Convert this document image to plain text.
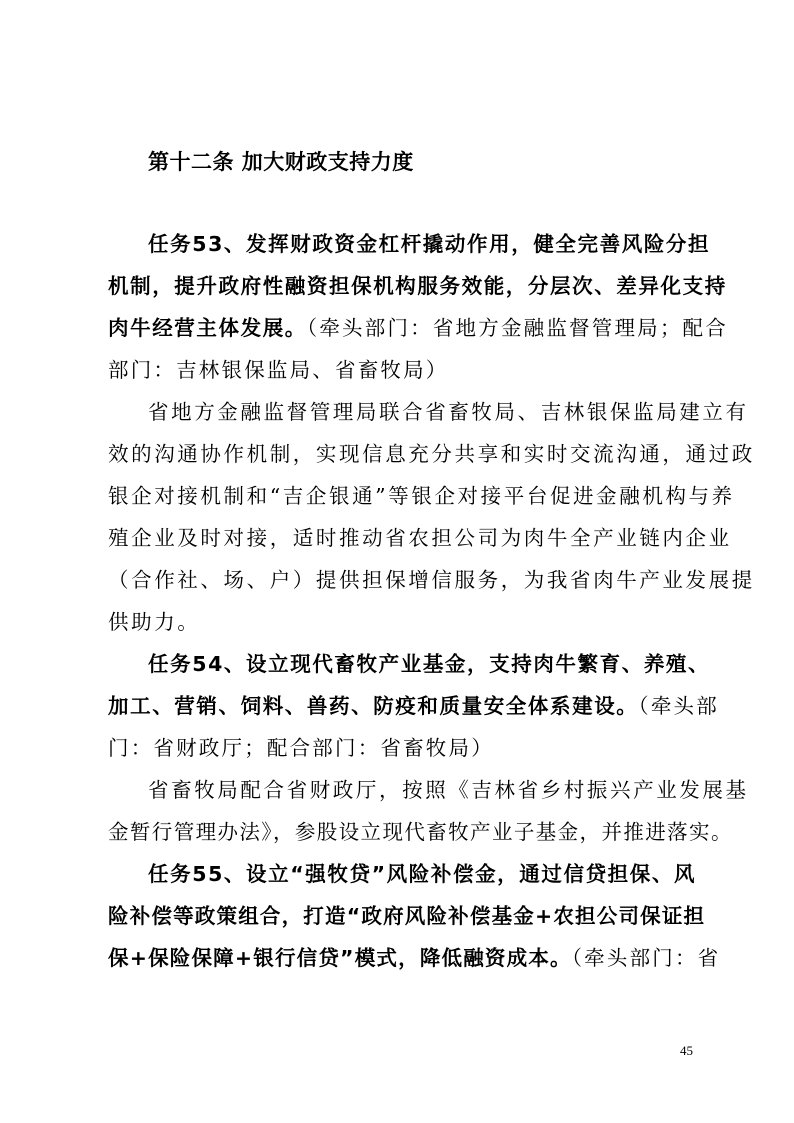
第十二条 加大财政支持力度
任务53、发挥财政资金杠杆撬动作用，健全完善风险分担
机制，提升政府性融资担保机构服务效能，分层次、差异化支持
肉牛经营主体发展。（牵头部门：省地方金融监督管理局；配合
部门：吉林银保监局、省畜牧局）
省地方金融监督管理局联合省畜牧局、吉林银保监局建立有
效的沟通协作机制，实现信息充分共享和实时交流沟通，通过政
银企对接机制和“吉企银通”等银企对接平台促进金融机构与养
殖企业及时对接，适时推动省农担公司为肉牛全产业链内企业
（合作社、场、户）提供担保增信服务，为我省肉牛产业发展提
供助力。
任务54、设立现代畜牧产业基金，支持肉牛繁育、养殖、
加工、营销、饲料、兽药、防疫和质量安全体系建设。（牵头部
门：省财政厅；配合部门：省畜牧局）
省畜牧局配合省财政厅，按照《吉林省乡村振兴产业发展基
金暂行管理办法》，参股设立现代畜牧产业子基金，并推进落实。
任务55、设立“强牧贷”风险补偿金，通过信贷担保、风
险补偿等政策组合，打造“政府风险补偿基金+农担公司保证担
保+保险保障+银行信贷”模式，降低融资成本。（牵头部门：省
45
